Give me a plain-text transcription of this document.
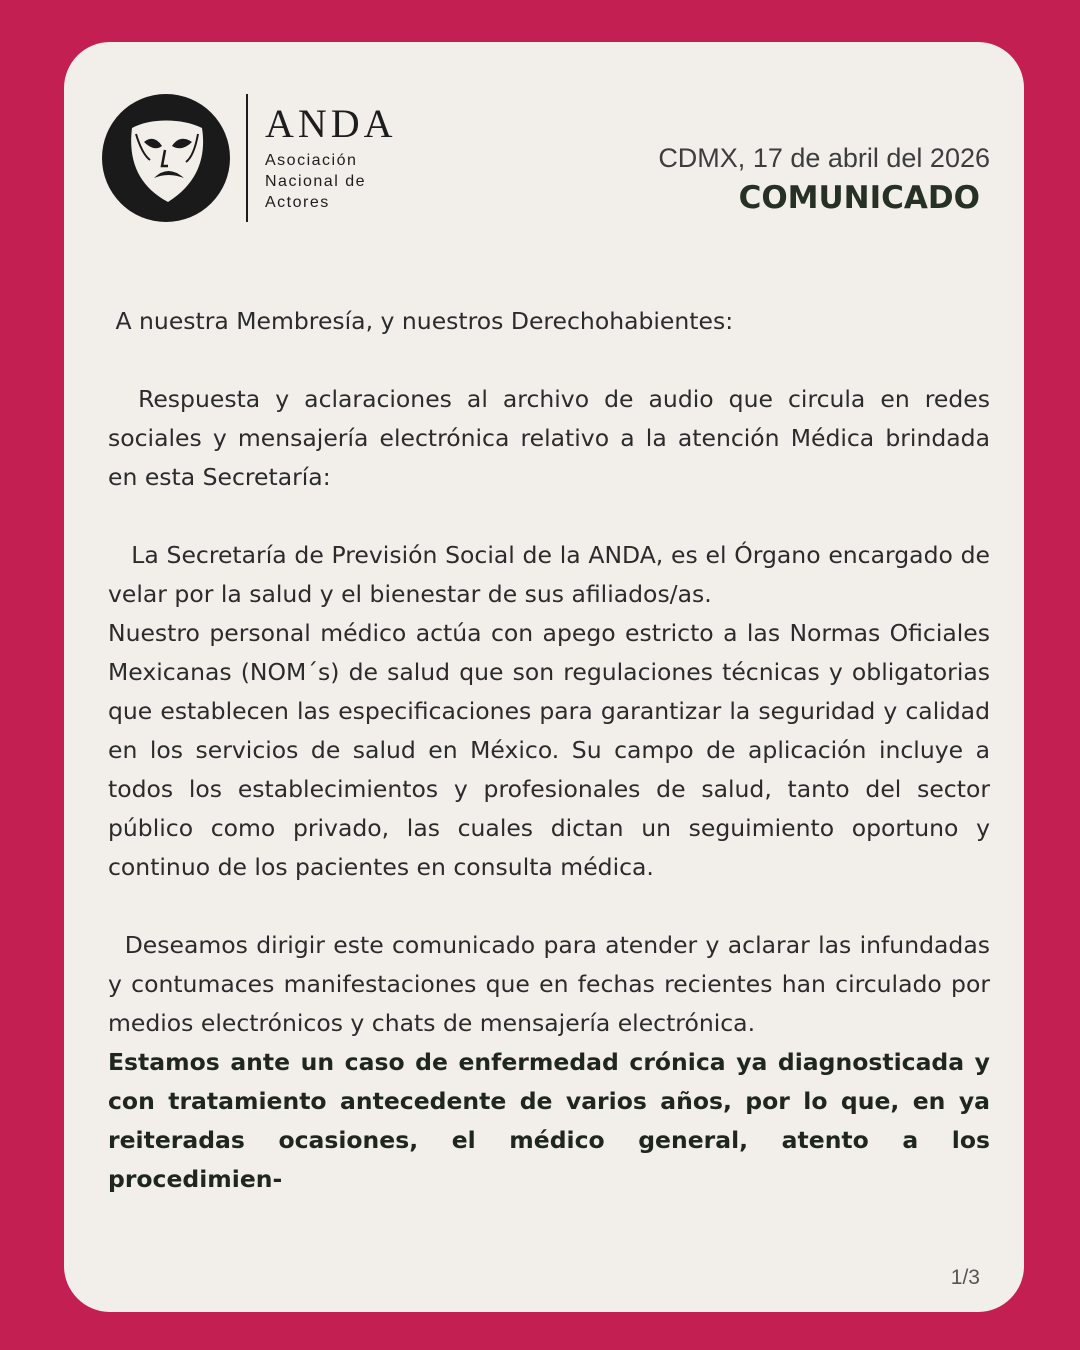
ANDA
Asociación Nacional de Actores
CDMX, 17 de abril del 2026
COMUNICADO

A nuestra Membresía, y nuestros Derechohabientes:

Respuesta y aclaraciones al archivo de audio que circula en redes sociales y mensajería electrónica relativo a la atención Médica brindada en esta Secretaría:

La Secretaría de Previsión Social de la ANDA, es el Órgano encargado de velar por la salud y el bienestar de sus afiliados/as.

Nuestro personal médico actúa con apego estricto a las Normas Oficiales Mexicanas (NOM´s) de salud que son regulaciones técnicas y obligatorias que establecen las especificaciones para garantizar la seguridad y calidad en los servicios de salud en México. Su campo de aplicación incluye a todos los establecimientos y profesionales de salud, tanto del sector público como privado, las cuales dictan un seguimiento oportuno y continuo de los pacientes en consulta médica.

Deseamos dirigir este comunicado para atender y aclarar las infundadas y contumaces manifestaciones que en fechas recientes han circulado por medios electrónicos y chats de mensajería electrónica.

Estamos ante un caso de enfermedad crónica ya diagnosticada y con tratamiento antecedente de varios años, por lo que, en ya reiteradas ocasiones, el médico general, atento a los procedimien-

1/3
